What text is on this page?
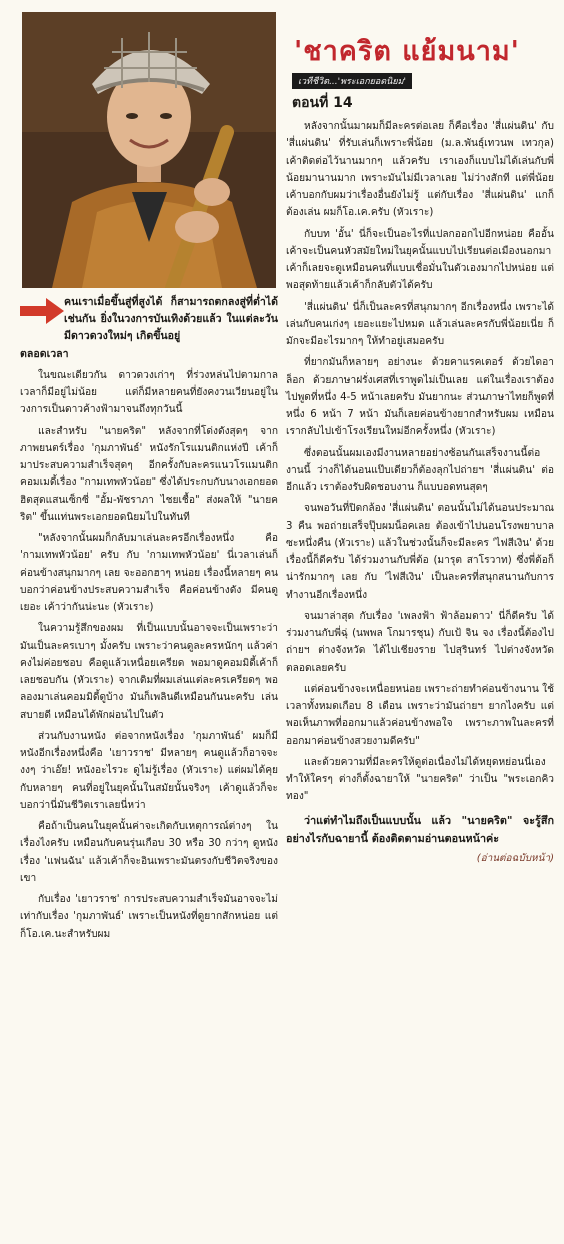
'ชาคริต แย้มนาม'
เวทีชีวิต...'พระเอกยอดนิยม'
ตอนที่ 14

หลังจากนั้นมาผมก็มีละครต่อเลย ก็คือเรื่อง 'สี่แผ่นดิน' กับ 'สี่แผ่นดิน' ที่รับเล่นก็เพราะพี่น้อย (ม.ล.พันธุ์เทวนพ เทวกุล) เค้าติดต่อไว้นานมากๆ แล้วครับ เราเองก็แบบไม่ได้เล่นกับพี่น้อยมานานมาก เพราะมันไม่มีเวลาเลย ไม่ว่างสักที แต่พี่น้อยเค้าบอกกับผมว่าเรื่องอื่นยังไม่รู้ แต่กับเรื่อง 'สี่แผ่นดิน' แกก็ต้องเล่น ผมก็โอ.เค.ครับ (หัวเราะ)

กับบท 'อั้น' นี่ก็จะเป็นอะไรที่แปลกออกไปอีกหน่อย คืออั้นเค้าจะเป็นคนหัวสมัยใหม่ในยุคนั้นแบบไปเรียนต่อเมืองนอกมา เค้าก็เลยจะดูเหมือนคนที่แบบเชื่อมั่นในตัวเองมากไปหน่อย แต่พอสุดท้ายแล้วเค้าก็กลับตัวได้ครับ

'สี่แผ่นดิน' นี่ก็เป็นละครที่สนุกมากๆ อีกเรื่องหนึ่ง เพราะได้เล่นกับคนเก่งๆ เยอะแยะไปหมด แล้วเล่นละครกับพี่น้อยเนี่ย ก็มักจะมีอะไรมากๆ ให้ทำอยู่เสมอครับ

ที่ยากมันก็หลายๆ อย่างนะ ด้วยคาแรคเตอร์ ด้วยไดอาล็อก ด้วยภาษาฝรั่งเศสที่เราพูดไม่เป็นเลย แต่ในเรื่องเราต้องไปพูดที่หนึ่ง 4-5 หน้าเลยครับ มันยากนะ ส่วนภาษาไทยก็พูดที่หนึ่ง 6 หน้า 7 หน้า มันก็เลยค่อนข้างยากสำหรับผม เหมือนเรากลับไปเข้าโรงเรียนใหม่อีกครั้งหนึ่ง (หัวเราะ)

ซึ่งตอนนั้นผมเองมีงานหลายอย่างซ้อนกันเสร็จงานนี้ต่องานนี้ ว่างก็ได้นอนแป๊บเดียวก็ต้องลุกไปถ่ายฯ 'สี่แผ่นดิน' ต่ออีกแล้ว เราต้องรับผิดชอบงาน ก็แบบอดทนสุดๆ

จนพอวันที่ปิดกล้อง 'สี่แผ่นดิน' ตอนนั้นไม่ได้นอนประมาณ 3 คืน พอถ่ายเสร็จปุ๊บผมน็อคเลย ต้องเข้าไปนอนโรงพยาบาลซะหนึ่งคืน (หัวเราะ) แล้วในช่วงนั้นก็จะมีละคร 'ไฟสีเงิน' ด้วย เรื่องนี้ก็ดีครับ ได้ร่วมงานกับพี่ต้อ (มารุต สาโรวาท) ซึ่งพี่ต้อก็น่ารักมากๆ เลย กับ 'ไฟสีเงิน' เป็นละครที่สนุกสนานกับการทำงานอีกเรื่องหนึ่ง

จนมาล่าสุด กับเรื่อง 'เพลงฟ้า ฟ้าล้อมดาว' นี่ก็ดีครับ ได้ร่วมงานกับพี่ฉุ่ (นพพล โกมารชุน) กับเป้ จิน จง เรื่องนี้ต้องไปถ่ายฯ ต่างจังหวัด ได้ไปเชียงราย ไปสุรินทร์ ไปต่างจังหวัดตลอดเลยครับ

แต่ค่อนข้างจะเหนื่อยหน่อย เพราะถ่ายทำค่อนข้างนาน ใช้เวลาทั้งหมดเกือบ 8 เดือน เพราะว่ามันถ่ายฯ ยากไงครับ แต่พอเห็นภาพที่ออกมาแล้วค่อนข้างพอใจ เพราะภาพในละครที่ออกมาค่อนข้างสวยงามดีครับ"

และด้วยความที่มีละครให้ดูต่อเนื่องไม่ได้หยุดหย่อนนี่เอง ทำให้ใครๆ ต่างก็ตั้งฉายาให้ "นายคริต" ว่าเป็น "พระเอกคิวทอง"

ว่าแต่ทำไมถึงเป็นแบบนั้น แล้ว "นายคริต" จะรู้สึกอย่างไรกับฉายานี้ ต้องติดตามอ่านตอนหน้าค่ะ

(อ่านต่อฉบับหน้า)
คนเราเมื่อขึ้นสู่ที่สูงได้ ก็สามารถตกลงสู่ที่ต่ำได้เช่นกัน ยิ่งในวงการบันเทิงด้วยแล้ว ในแต่ละวันมีดาวดวงใหม่ๆ เกิดขึ้นอยู่

ตลอดเวลา

ในขณะเดียวกัน ดาวดวงเก่าๆ ที่ร่วงหล่นไปตามกาลเวลาก็มีอยู่ไม่น้อย แต่ก็มีหลายคนที่ยังคงวนเวียนอยู่ในวงการเป็นดาวค้างฟ้ามาจนถึงทุกวันนี้

และสำหรับ "นายคริต" หลังจากที่โด่งดังสุดๆ จากภาพยนตร์เรื่อง 'กุมภาพันธ์' หนังรักโรแมนติกแห่งปี เค้าก็มาประสบความสำเร็จสุดๆ อีกครั้งกับละครแนวโรแมนติกคอมเมดี้เรื่อง "กามเทพหัวน้อย" ซึ่งได้ประกบกับนางเอกยอดฮิตสุดแสนเซ็กซี่ "อั้ม-พัชราภา ไชยเชื้อ" ส่งผลให้ "นายคริต" ขึ้นแท่นพระเอกยอดนิยมไปในทันที

"หลังจากนั้นผมก็กลับมาเล่นละครอีกเรื่องหนึ่ง คือ 'กามเทพหัวน้อย' ครับ กับ 'กามเทพหัวน้อย' นี่เวลาเล่นก็ค่อนข้างสนุกมากๆ เลย จะออกฮาๆ หน่อย เรื่องนี้หลายๆ คนบอกว่าค่อนข้างประสบความสำเร็จ คือค่อนข้างดัง มีคนดูเยอะ เค้าว่ากันน่ะนะ (หัวเราะ)

ในความรู้สึกของผม ที่เป็นแบบนั้นอาจจะเป็นเพราะว่ามันเป็นละครเบาๆ มั้งครับ เพราะว่าคนดูละครหนักๆ แล้วค่าคงไม่ค่อยชอบ คือดูแล้วเหนื่อยเครียด พอมาดูคอมมิดี้เค้าก็เลยชอบกัน (หัวเราะ) จากเดิมที่ผมเล่นแต่ละครเครียดๆ พอลองมาเล่นคอมมิดี้ดูบ้าง มันก็เพลินดีเหมือนกันนะครับ เล่นสบายดี เหมือนได้พักผ่อนไปในตัว

ส่วนกับงานหนัง ต่อจากหนังเรื่อง 'กุมภาพันธ์' ผมก็มีหนังอีกเรื่องหนึ่งคือ 'เยาวราช' มีหลายๆ คนดูแล้วก็อาจจะงงๆ ว่าเอ๊ย! หนังอะไรวะ ดูไม่รู้เรื่อง (หัวเราะ) แต่ผมได้คุยกับหลายๆ คนที่อยู่ในยุคนั้นในสมัยนั้นจริงๆ เค้าดูแล้วก็จะบอกว่านี่มันชีวิตเราเลยนี่หว่า

คือถ้าเป็นคนในยุคนั้นค่าจะเกิดกับเหตุการณ์ต่างๆ ในเรื่องไงครับ เหมือนกับคนรุ่นเกือบ 30 หรือ 30 กว่าๆ ดูหนังเรื่อง 'แฟนฉัน' แล้วเค้าก็จะอินเพราะมันตรงกับชีวิตจริงของเขา

กับเรื่อง 'เยาวราช' การประสบความสำเร็จมันอาจจะไม่เท่ากับเรื่อง 'กุมภาพันธ์' เพราะเป็นหนังที่ดูยากสักหน่อย แต่ก็โอ.เค.นะสำหรับผม
